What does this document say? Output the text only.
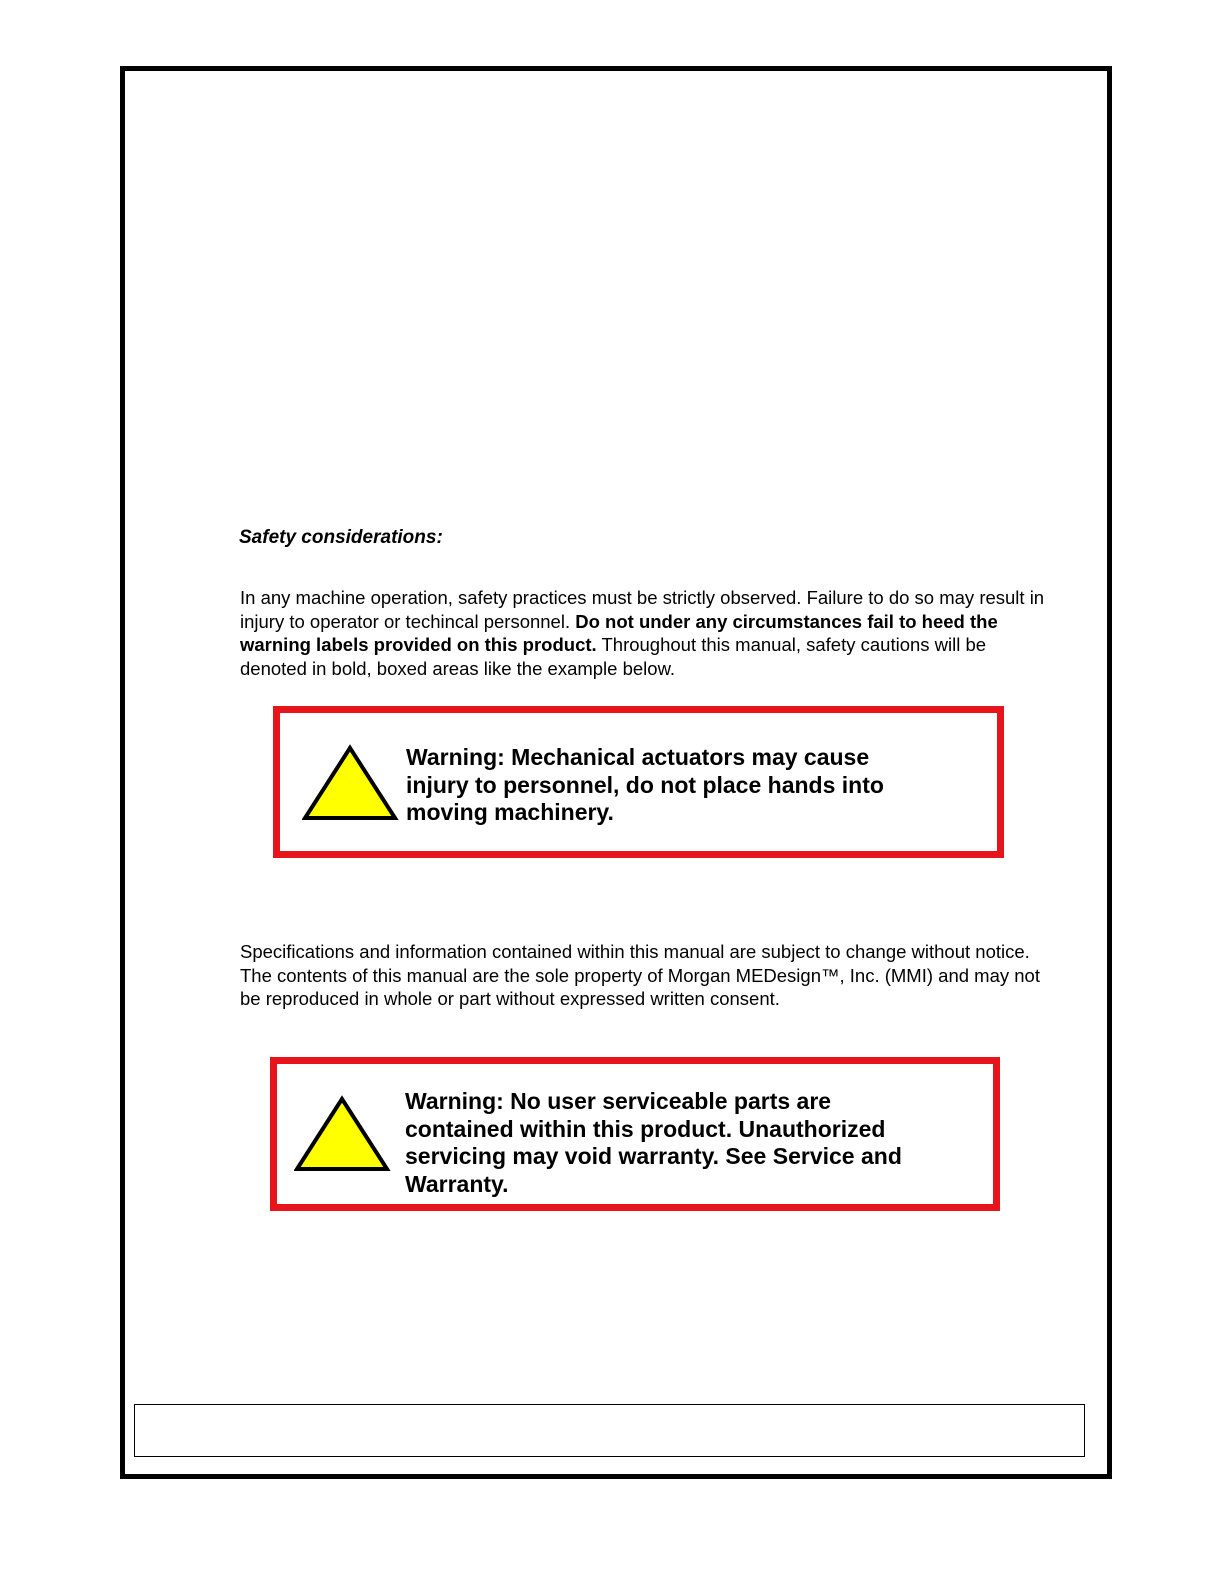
Safety considerations:

In any machine operation, safety practices must be strictly observed. Failure to do so may result in injury to operator or techincal personnel. Do not under any circumstances fail to heed the warning labels provided on this product. Throughout this manual, safety cautions will be denoted in bold, boxed areas like the example below.

Warning: Mechanical actuators may cause injury to personnel, do not place hands into moving machinery.

Specifications and information contained within this manual are subject to change without notice. The contents of this manual are the sole property of Morgan MEDesign™, Inc. (MMI) and may not be reproduced in whole or part without expressed written consent.

Warning: No user serviceable parts are contained within this product. Unauthorized servicing may void warranty. See Service and Warranty.
